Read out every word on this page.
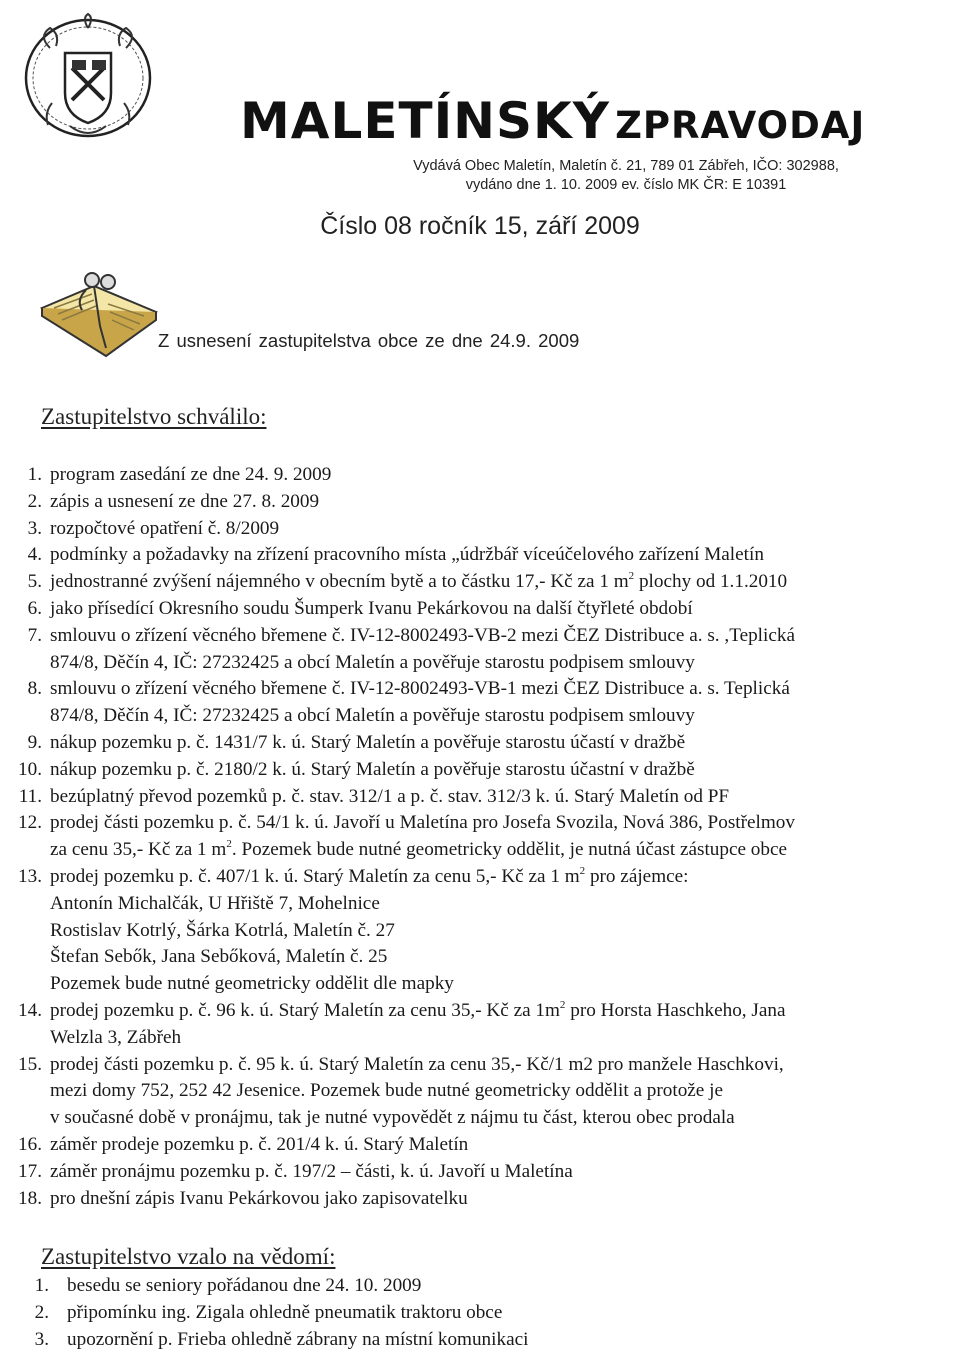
MALETÍNSKÝ ZPRAVODAJ
Vydává Obec Maletín, Maletín č. 21, 789 01 Zábřeh, IČO: 302988,
vydáno dne 1. 10. 2009 ev. číslo MK ČR: E 10391
Číslo 08 ročník 15, září 2009
Z usnesení zastupitelstva obce ze dne 24.9. 2009
Zastupitelstvo schválilo:
1. program zasedání ze dne 24. 9. 2009
2. zápis a usnesení ze dne 27. 8. 2009
3. rozpočtové opatření č. 8/2009
4. podmínky a požadavky na zřízení pracovního místa „údržbář víceúčelového zařízení Maletín
5. jednostranné zvýšení nájemného v obecním bytě a to částku 17,- Kč za 1 $m^2$ plochy od 1.1.2010
6. jako přísedící Okresního soudu Šumperk Ivanu Pekárkovou na další čtyřleté období
7. smlouvu o zřízení věcného břemene č. IV-12-8002493-VB-2 mezi ČEZ Distribuce a. s. ,Teplická
874/8, Děčín 4, IČ: 27232425 a obcí Maletín a pověřuje starostu podpisem smlouvy
8. smlouvu o zřízení věcného břemene č. IV-12-8002493-VB-1 mezi ČEZ Distribuce a. s. Teplická
874/8, Děčín 4, IČ: 27232425 a obcí Maletín a pověřuje starostu podpisem smlouvy
9. nákup pozemku p. č. 1431/7 k. ú. Starý Maletín a pověřuje starostu účastí v dražbě
10. nákup pozemku p. č. 2180/2 k. ú. Starý Maletín a pověřuje starostu účastní v dražbě
11. bezúplatný převod pozemků p. č. stav. 312/1 a p. č. stav. 312/3 k. ú. Starý Maletín od PF
12. prodej části pozemku p. č. 54/1 k. ú. Javoří u Maletína pro Josefa Svozila, Nová 386, Postřelmov
za cenu 35,- Kč za 1 $m^2$. Pozemek bude nutné geometricky oddělit, je nutná účast zástupce obce
13. prodej pozemku p. č. 407/1 k. ú. Starý Maletín za cenu 5,- Kč za 1 $m^2$ pro zájemce:
Antonín Michalčák, U Hřiště 7, Mohelnice
Rostislav Kotrlý, Šárka Kotrlá, Maletín č. 27
Štefan Sebők, Jana Sebőková, Maletín č. 25
Pozemek bude nutné geometricky oddělit dle mapky
14. prodej pozemku p. č. 96 k. ú. Starý Maletín za cenu 35,- Kč za $1m^2$ pro Horsta Haschkeho, Jana
Welzla 3, Zábřeh
15. prodej části pozemku p. č. 95 k. ú. Starý Maletín za cenu 35,- Kč/1 m2 pro manžele Haschkovi,
mezi domy 752, 252 42 Jesenice. Pozemek bude nutné geometricky oddělit a protože je
v současné době v pronájmu, tak je nutné vypovědět z nájmu tu část, kterou obec prodala
16. záměr prodeje pozemku p. č. 201/4 k. ú. Starý Maletín
17. záměr pronájmu pozemku p. č. 197/2 – části, k. ú. Javoří u Maletína
18. pro dnešní zápis Ivanu Pekárkovou jako zapisovatelku
Zastupitelstvo vzalo na vědomí:
1. besedu se seniory pořádanou dne 24. 10. 2009
2. připomínku ing. Zigala ohledně pneumatik traktoru obce
3. upozornění p. Frieba ohledně zábrany na místní komunikaci
